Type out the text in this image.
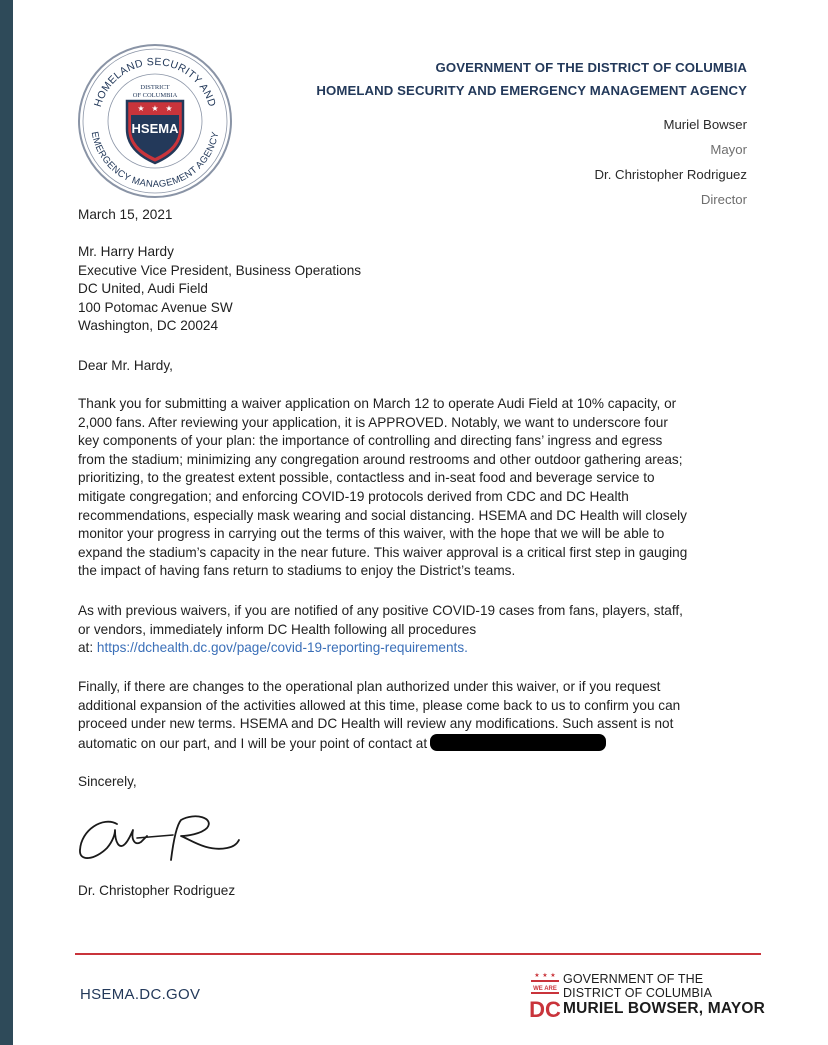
HOMELAND SECURITY AND
EMERGENCY MANAGEMENT AGENCY
DISTRICT
OF COLUMBIA
★ ★ ★
HSEMA
GOVERNMENT OF THE DISTRICT OF COLUMBIA
HOMELAND SECURITY AND EMERGENCY MANAGEMENT AGENCY
Muriel Bowser
Mayor
Dr. Christopher Rodriguez
Director
March 15, 2021
Mr. Harry Hardy
Executive Vice President, Business Operations
DC United, Audi Field
100 Potomac Avenue SW
Washington, DC 20024
Dear Mr. Hardy,
Thank you for submitting a waiver application on March 12 to operate Audi Field at 10% capacity, or
2,000 fans. After reviewing your application, it is APPROVED. Notably, we want to underscore four
key components of your plan: the importance of controlling and directing fans’ ingress and egress
from the stadium; minimizing any congregation around restrooms and other outdoor gathering areas;
prioritizing, to the greatest extent possible, contactless and in-seat food and beverage service to
mitigate congregation; and enforcing COVID-19 protocols derived from CDC and DC Health
recommendations, especially mask wearing and social distancing. HSEMA and DC Health will closely
monitor your progress in carrying out the terms of this waiver, with the hope that we will be able to
expand the stadium’s capacity in the near future. This waiver approval is a critical first step in gauging
the impact of having fans return to stadiums to enjoy the District’s teams.
As with previous waivers, if you are notified of any positive COVID-19 cases from fans, players, staff,
or vendors, immediately inform DC Health following all procedures
at: https://dchealth.dc.gov/page/covid-19-reporting-requirements.
Finally, if there are changes to the operational plan authorized under this waiver, or if you request
additional expansion of the activities allowed at this time, please come back to us to confirm you can
proceed under new terms. HSEMA and DC Health will review any modifications. Such assent is not
automatic on our part, and I will be your point of contact at
Sincerely,
Dr. Christopher Rodriguez
HSEMA.DC.GOV
★ ★ ★
WE ARE
DC
GOVERNMENT OF THE
DISTRICT OF COLUMBIA
MURIEL BOWSER, MAYOR
